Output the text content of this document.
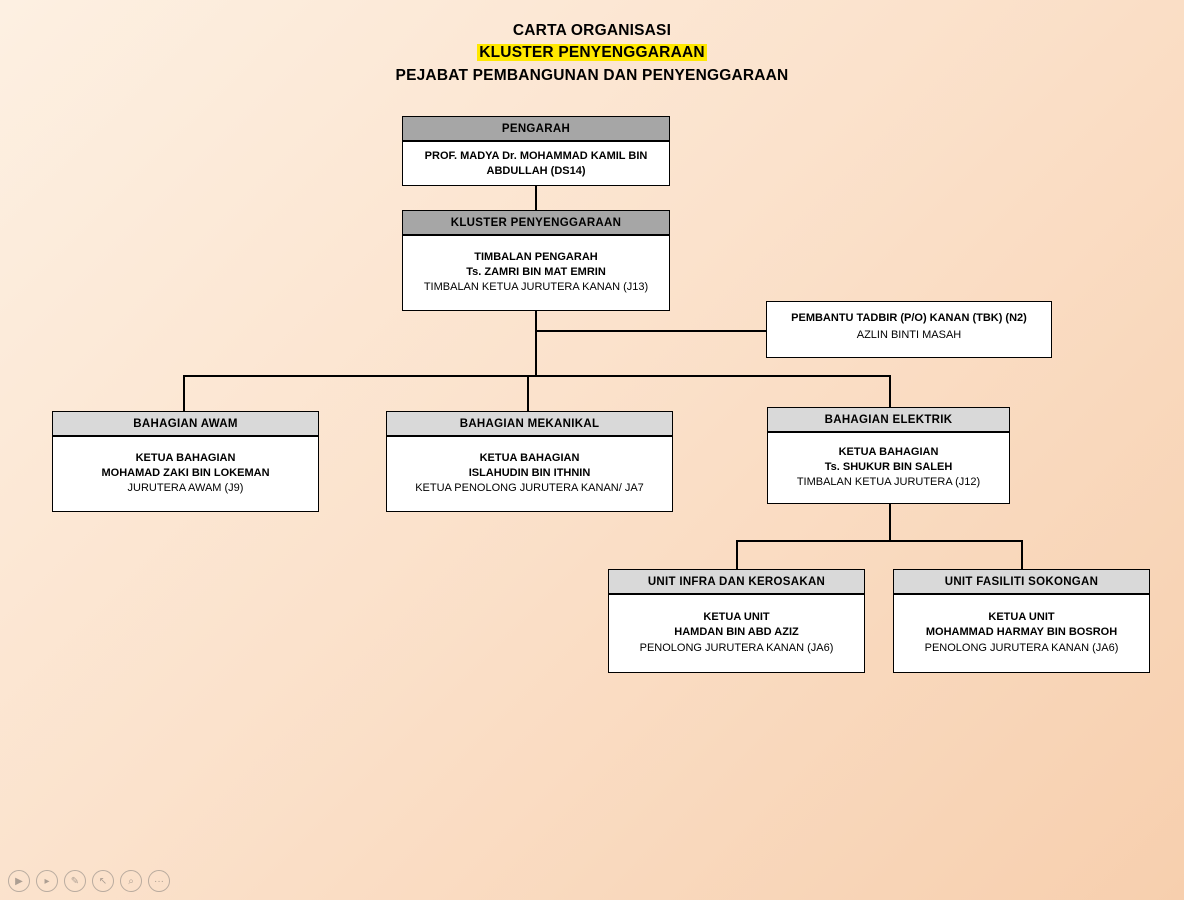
CARTA ORGANISASI
KLUSTER PENYENGGARAAN
PEJABAT PEMBANGUNAN DAN PENYENGGARAAN
PENGARAH
PROF. MADYA Dr. MOHAMMAD KAMIL BIN
ABDULLAH (DS14)
KLUSTER PENYENGGARAAN
TIMBALAN PENGARAH
Ts. ZAMRI BIN MAT EMRIN
TIMBALAN KETUA JURUTERA KANAN (J13)
PEMBANTU TADBIR (P/O) KANAN (TBK) (N2)
AZLIN BINTI MASAH
BAHAGIAN AWAM
KETUA BAHAGIAN
MOHAMAD ZAKI BIN LOKEMAN
JURUTERA AWAM (J9)
BAHAGIAN MEKANIKAL
KETUA BAHAGIAN
ISLAHUDIN BIN ITHNIN
KETUA PENOLONG JURUTERA KANAN/ JA7
BAHAGIAN ELEKTRIK
KETUA BAHAGIAN
Ts. SHUKUR BIN SALEH
TIMBALAN KETUA JURUTERA (J12)
UNIT INFRA DAN KEROSAKAN
KETUA UNIT
HAMDAN BIN ABD AZIZ
PENOLONG JURUTERA KANAN (JA6)
UNIT FASILITI SOKONGAN
KETUA UNIT
MOHAMMAD HARMAY BIN BOSROH
PENOLONG JURUTERA KANAN (JA6)
▶	▸	✎	↖	⌕	···
